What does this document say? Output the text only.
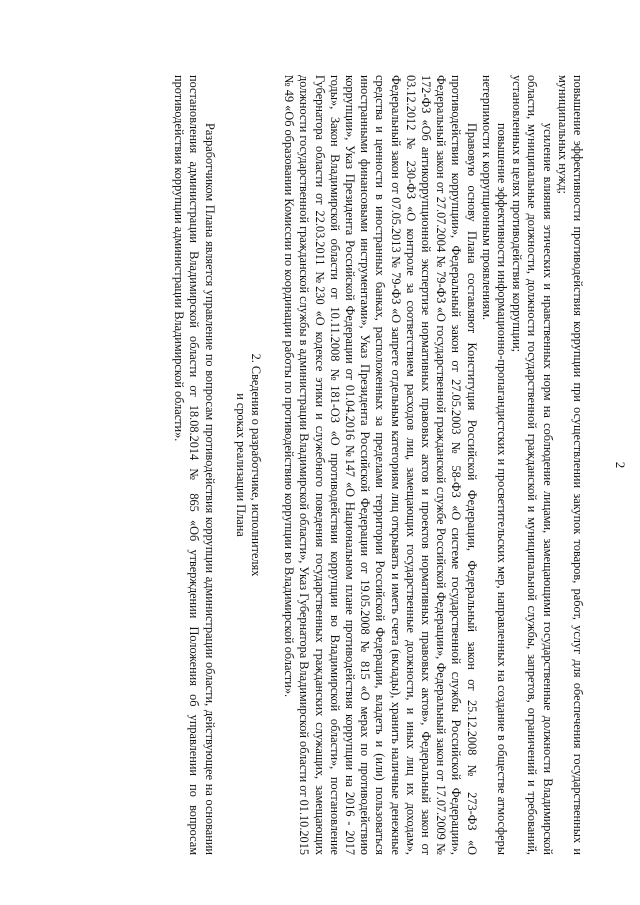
2

повышение эффективности противодействия коррупции при осуществлении закупок товаров, работ, услуг для обеспечения государственных и муниципальных нужд;

усиление влияния этических и нравственных норм на соблюдение лицами, замещающими государственные должности Владимирской области, муниципальные должности, должности государственной гражданской и муниципальной службы, запретов, ограничений и требований, установленных в целях противодействия коррупции;

повышение эффективности информационно-пропагандистских и просветительских мер, направленных на создание в обществе атмосферы нетерпимости к коррупционным проявлениям.

Правовую основу Плана составляют Конституция Российской Федерации, Федеральный закон от 25.12.2008 № 273-ФЗ «О противодействии коррупции», Федеральный закон от 27.05.2003 № 58-ФЗ «О системе государственной службы Российской Федерации», Федеральный закон от 27.07.2004 № 79-ФЗ «О государственной гражданской службе Российской Федерации», Федеральный закон от 17.07.2009 № 172-ФЗ «Об антикоррупционной экспертизе нормативных правовых актов и проектов нормативных правовых актов», Федеральный закон от 03.12.2012 № 230-ФЗ «О контроле за соответствием расходов лиц, замещающих государственные должности, и иных лиц их доходам», Федеральный закон от 07.05.2013 № 79-ФЗ «О запрете отдельным категориям лиц открывать и иметь счета (вклады), хранить наличные денежные средства и ценности в иностранных банках, расположенных за пределами территории Российской Федерации, владеть и (или) пользоваться иностранными финансовыми инструментами», Указ Президента Российской Федерации от 19.05.2008 № 815 «О мерах по противодействию коррупции», Указ Президента Российской Федерации от 01.04.2016 №147 «О Национальном плане противодействия коррупции на 2016 - 2017 годы», Закон Владимирской области от 10.11.2008 №181-ОЗ «О противодействии коррупции во Владимирской области», постановление Губернатора области от 22.03.2011 №230 «О кодексе этики и служебного поведения государственных гражданских служащих, замещающих должности государственной гражданской службы в администрации Владимирской области», Указ Губернатора Владимирской области от 01.10.2015 № 49 «Об образовании Комиссии по координации работы по противодействию коррупции во Владимирской области».

2. Сведения о разработчике, исполнителях
и сроках реализации Плана

Разработчиком Плана является управление по вопросам противодействия коррупции администрации области, действующее на основании постановления администрации Владимирской области от 18.08.2014 № 865 «Об утверждении Положения об управлении по вопросам противодействия коррупции администрации Владимирской области».
